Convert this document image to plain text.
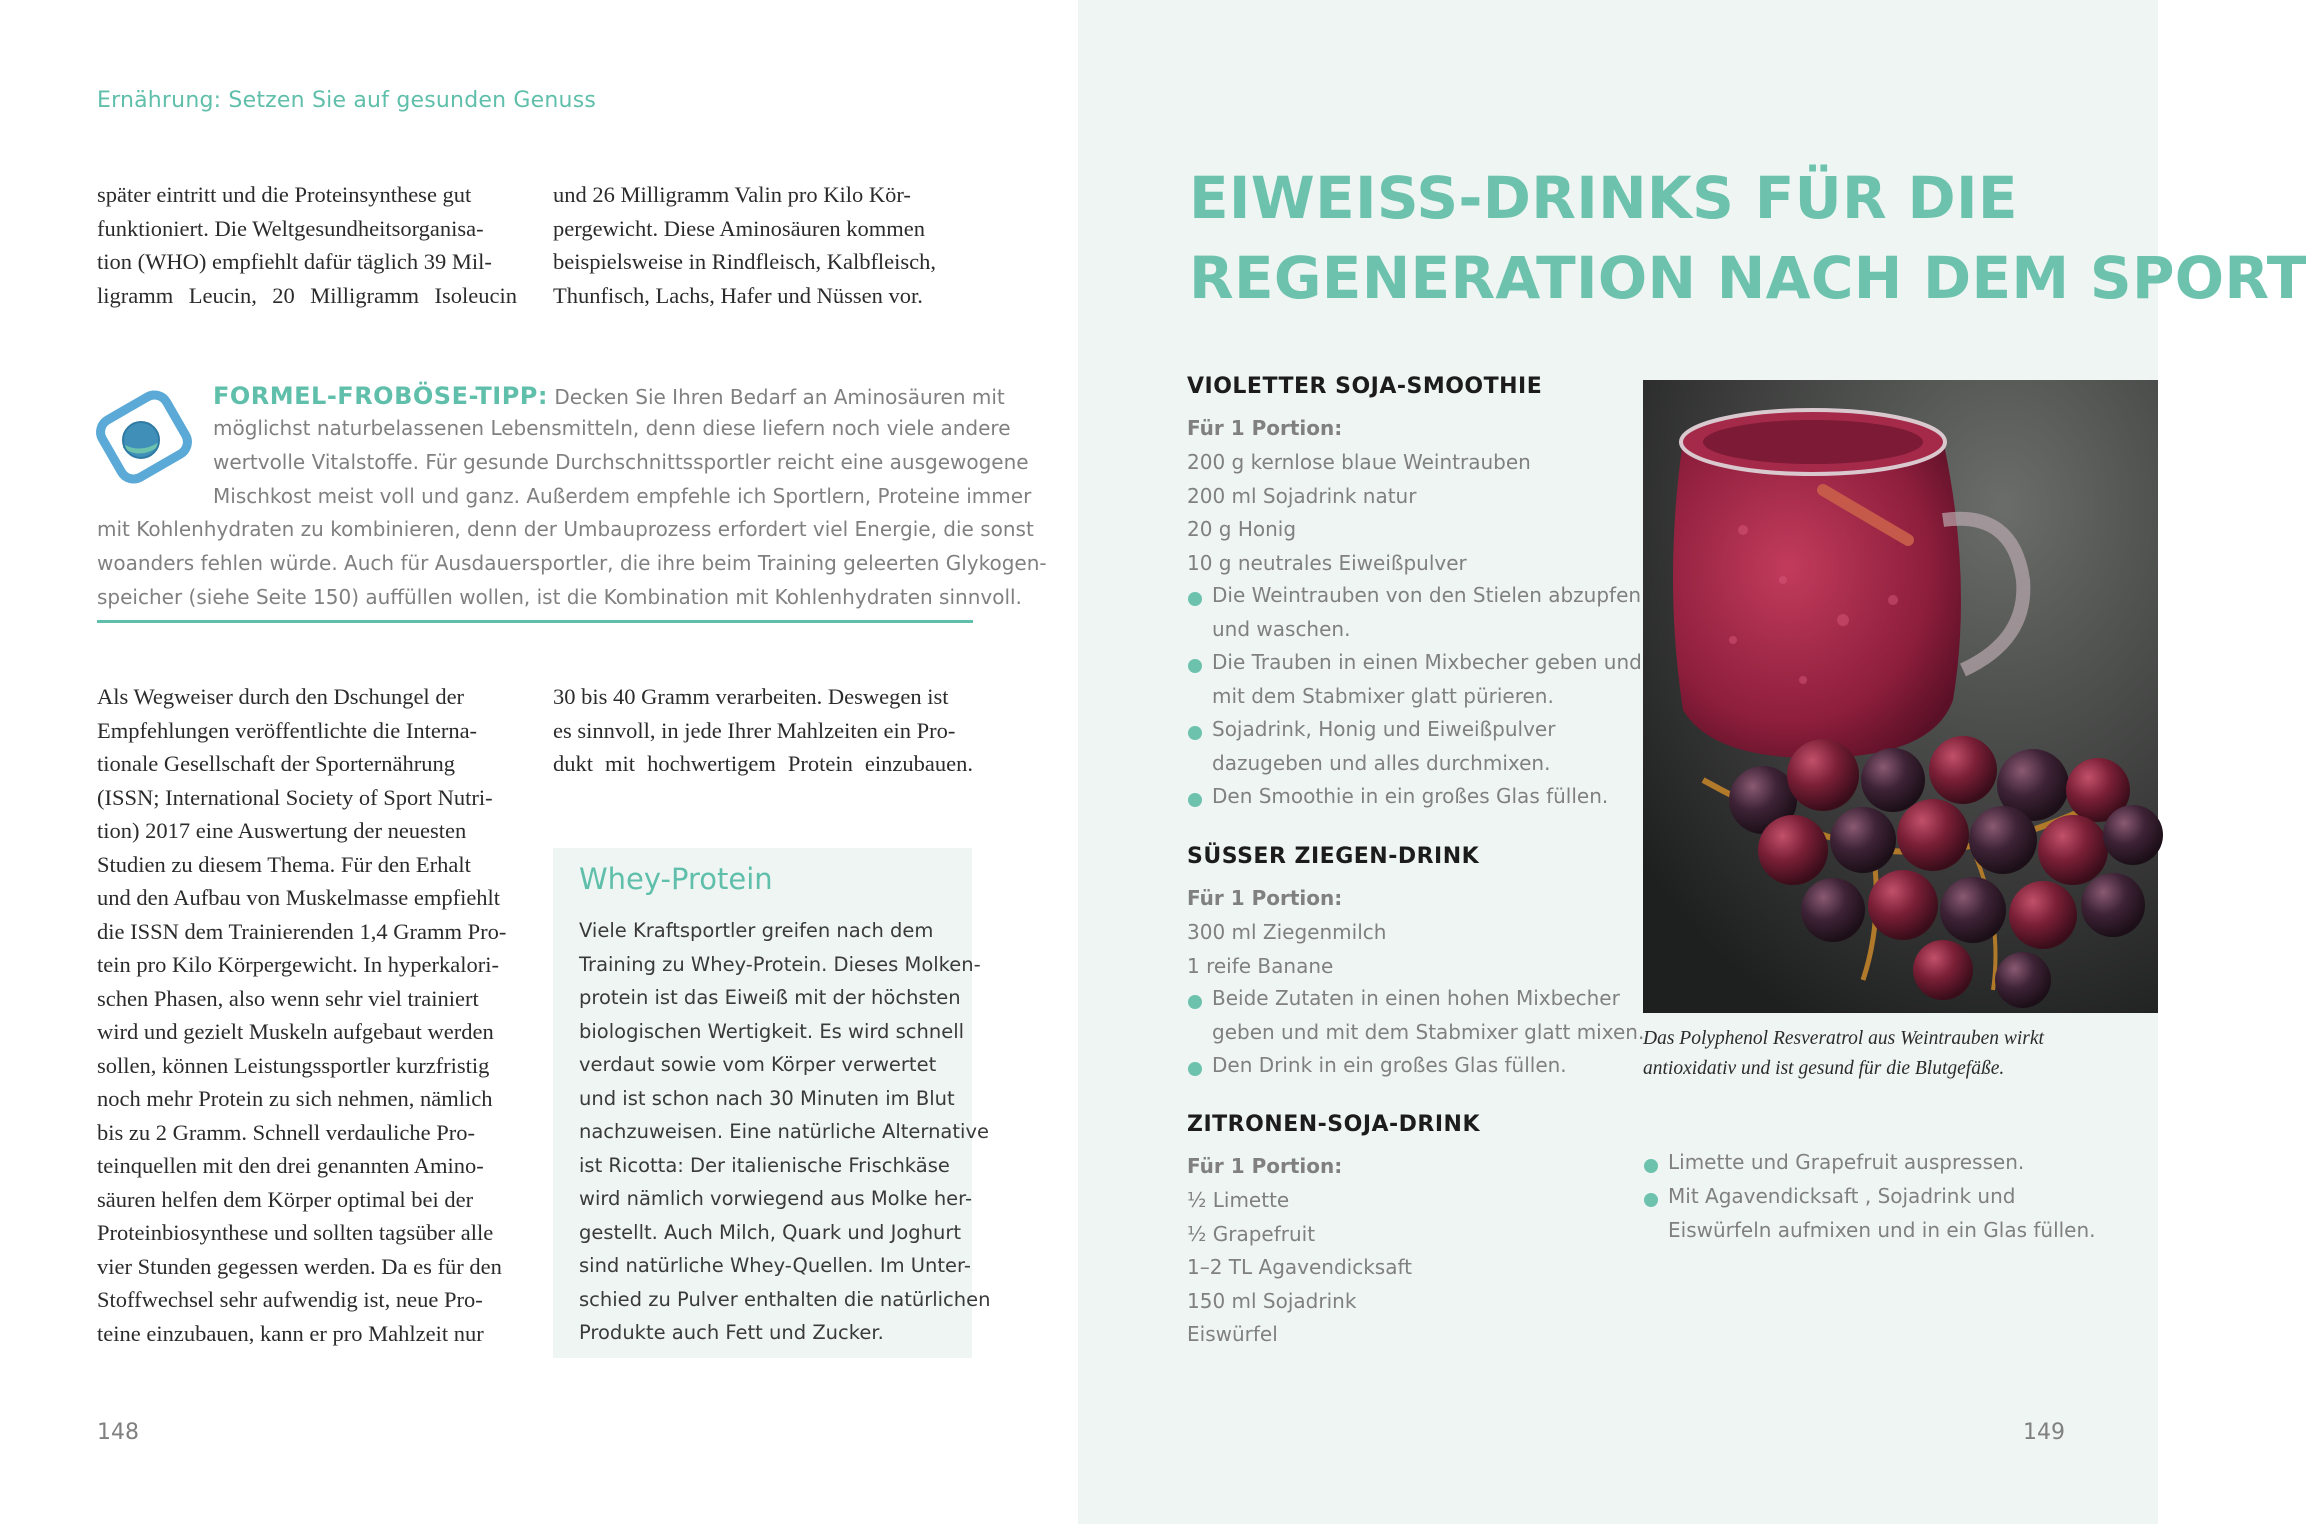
Ernährung: Setzen Sie auf gesunden Genuss
später eintritt und die Proteinsynthese gut
funktioniert. Die Weltgesundheitsorganisa-
tion (WHO) empfiehlt dafür täglich 39 Mil-
ligramm Leucin, 20 Milligramm Isoleucin
und 26 Milligramm Valin pro Kilo Kör-
pergewicht. Diese Aminosäuren kommen
beispielsweise in Rindfleisch, Kalbfleisch,
Thunfisch, Lachs, Hafer und Nüssen vor.
FORMEL-FROBÖSE-TIPP: Decken Sie Ihren Bedarf an Aminosäuren mit
möglichst naturbelassenen Lebensmitteln, denn diese liefern noch viele andere
wertvolle Vitalstoffe. Für gesunde Durchschnittssportler reicht eine ausgewogene
Mischkost meist voll und ganz. Außerdem empfehle ich Sportlern, Proteine immer
mit Kohlenhydraten zu kombinieren, denn der Umbauprozess erfordert viel Energie, die sonst
woanders fehlen würde. Auch für Ausdauersportler, die ihre beim Training geleerten Glykogen-
speicher (siehe Seite 150) auffüllen wollen, ist die Kombination mit Kohlenhydraten sinnvoll.
Als Wegweiser durch den Dschungel der
Empfehlungen veröffentlichte die Interna-
tionale Gesellschaft der Sporternährung
(ISSN; International Society of Sport Nutri-
tion) 2017 eine Auswertung der neuesten
Studien zu diesem Thema. Für den Erhalt
und den Aufbau von Muskelmasse empfiehlt
die ISSN dem Trainierenden 1,4 Gramm Pro-
tein pro Kilo Körpergewicht. In hyperkalori-
schen Phasen, also wenn sehr viel trainiert
wird und gezielt Muskeln aufgebaut werden
sollen, können Leistungssportler kurzfristig
noch mehr Protein zu sich nehmen, nämlich
bis zu 2 Gramm. Schnell verdauliche Pro-
teinquellen mit den drei genannten Amino-
säuren helfen dem Körper optimal bei der
Proteinbiosynthese und sollten tagsüber alle
vier Stunden gegessen werden. Da es für den
Stoffwechsel sehr aufwendig ist, neue Pro-
teine einzubauen, kann er pro Mahlzeit nur
30 bis 40 Gramm verarbeiten. Deswegen ist
es sinnvoll, in jede Ihrer Mahlzeiten ein Pro-
dukt mit hochwertigem Protein einzubauen.
Whey-Protein
Viele Kraftsportler greifen nach dem
Training zu Whey-Protein. Dieses Molken-
protein ist das Eiweiß mit der höchsten
biologischen Wertigkeit. Es wird schnell
verdaut sowie vom Körper verwertet
und ist schon nach 30 Minuten im Blut
nachzuweisen. Eine natürliche Alternative
ist Ricotta: Der italienische Frischkäse
wird nämlich vorwiegend aus Molke her-
gestellt. Auch Milch, Quark und Joghurt
sind natürliche Whey-Quellen. Im Unter-
schied zu Pulver enthalten die natürlichen
Produkte auch Fett und Zucker.
148
EIWEISS-DRINKS FÜR DIE
REGENERATION NACH DEM SPORT
VIOLETTER SOJA-SMOOTHIE
Für 1 Portion:
200 g kernlose blaue Weintrauben
200 ml Sojadrink natur
20 g Honig
10 g neutrales Eiweißpulver
Die Weintrauben von den Stielen abzupfen
und waschen.
Die Trauben in einen Mixbecher geben und
mit dem Stabmixer glatt pürieren.
Sojadrink, Honig und Eiweißpulver
dazugeben und alles durchmixen.
Den Smoothie in ein großes Glas füllen.
SÜSSER ZIEGEN-DRINK
Für 1 Portion:
300 ml Ziegenmilch
1 reife Banane
Beide Zutaten in einen hohen Mixbecher
geben und mit dem Stabmixer glatt mixen.
Den Drink in ein großes Glas füllen.
ZITRONEN-SOJA-DRINK
Für 1 Portion:
½ Limette
½ Grapefruit
1–2 TL Agavendicksaft
150 ml Sojadrink
Eiswürfel
Limette und Grapefruit auspressen.
Mit Agavendicksaft , Sojadrink und
Eiswürfeln aufmixen und in ein Glas füllen.
Das Polyphenol Resveratrol aus Weintrauben wirkt
antioxidativ und ist gesund für die Blutgefäße.
149
